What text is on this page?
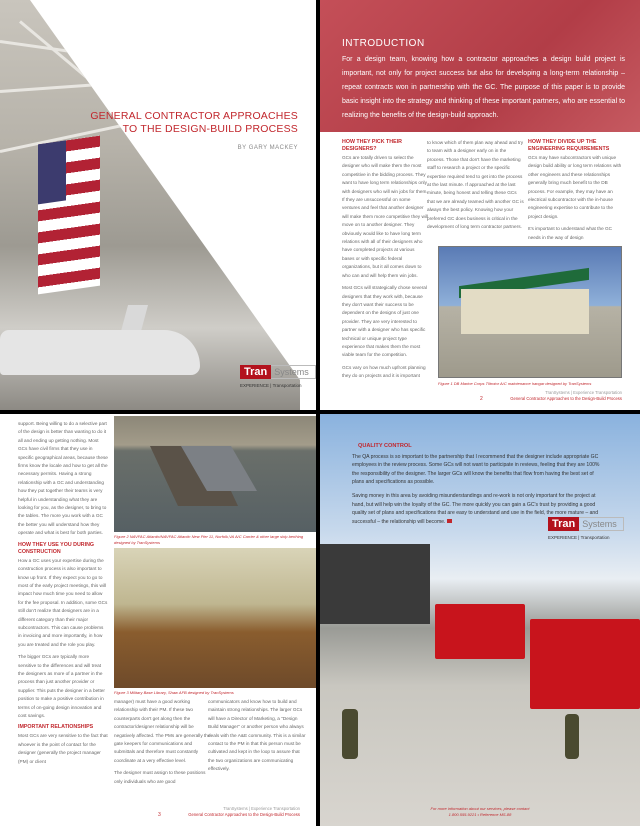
GENERAL CONTRACTOR APPROACHES
TO THE DESIGN-BUILD PROCESS
BY GARY MACKEY
Tran Systems
EXPERIENCE | Transportation
INTRODUCTION

For a design team, knowing how a contractor approaches a design build project is important, not only for project success but also for developing a long-term relationship – repeat contracts won in partnership with the GC. The purpose of this paper is to provide basic insight into the strategy and thinking of these important partners, who are essential to realizing the benefits of the design-build approach.

HOW THEY PICK THEIR DESIGNERS?

GCs are totally driven to select the designer who will make them the most competitive in the bidding process. They want to have long term relationships only with designers who will win jobs for them. If they are unsuccessful on some ventures and feel that another designer will make them more competitive they will move on to another designer. They obviously would like to have long term relations with all of their designers who have completed projects at various bases or with specific federal organizations, but it all comes down to who can and will help them win jobs.

Most GCs will strategically chose several designers that they work with, because they don't want their success to be dependent on the designs of just one provider. They are very interested to partner with a designer who has specific technical or unique project type experience that makes them the most viable team for the competition.

GCs vary on how much upfront planning they do on projects and it is important

to know which of them plan way ahead and try to team with a designer early on in the process. Those that don't have the marketing staff to research a project or the specific expertise required tend to get into the process at the last minute. If approached at the last minute, being honest and telling these GCs that we are already teamed with another GC is always the best policy. Knowing how your preferred GC does business is critical in the development of long term contractor partners.

HOW THEY DIVIDE UP THE ENGINEERING REQUIREMENTS

GCs may have subcontractors with unique design build ability or long term relations with other engineers and these relationships generally bring much benefit to the DB process. For example, they may have an electrical subcontractor with the in-house engineering expertise to contribute to the project design.

It's important to understand what the GC needs in the way of design

Figure 1 DB Marine Corps Tiltrotor A/C maintenance hangar designed by TranSystems
2
TranSystems | Experience Transportation
General Contractor Approaches to the Design-Build Process

support. Being willing to do a selective part of the design is better than wanting to do it all and ending up getting nothing. Most GCs have civil firms that they use in specific geographical areas, because these firms know the locale and how to get all the necessary permits. Having a strong relationship with a GC and understanding how they put together their teams is very helpful in understanding what they are looking for you, as the designer, to bring to the tables. The more you work with a GC the better you will understand how they operate and what is best for both parties.

HOW THEY USE YOU DURING CONSTRUCTION

How a GC uses your expertise during the construction process is also important to know up front. If they expect you to go to most of the early project meetings, this will impact how much time you need to allow for the fee proposal. In addition, some GCs still don't realize that designers are in a different category than their major subcontractors. This can cause problems in invoicing and more importantly, in how you are treated and the role you play.

The bigger GCs are typically more sensitive to the differences and will treat the designers as more of a partner in the process than just another provider or supplier. This puts the designer in a better position to make a positive contribution in terms of on-going design innovation and cost savings.

IMPORTANT RELATIONSHIPS

Most GCs are very sensitive to the fact that whoever is the point of contact for the designer (generally the project manager (PM) or client

Figure 2 NAVFAC Atlantic/NAVFAC Atlantic New Pier 11, Norfolk,VA A/C Carrier & other large ship berthing designed by TranSystems
Figure 3 Military Base Library, Shaw AFB designed by TranSystems

manager) must have a good working relationship with their PM. If these two counterparts don't get along then the contractor/designer relationship will be negatively affected. The PMs are generally the gate keepers for communications and submittals and therefore must constantly coordinate at a very effective level.

The designer must assign to these positions only individuals who are good

communicators and know how to build and maintain strong relationships. The larger GCs will have a Director of Marketing, a "Design Build Manager" or another person who always deals with the A&E community. This is a similar contact to the PM in that this person must be cultivated and kept in the loop to assure that the two organizations are communicating effectively.

3
TranSystems | Experience Transportation
General Contractor Approaches to the Design-Build Process
QUALITY CONTROL

The QA process is so important to the partnership that I recommend that the designer include appropriate GC employees in the review process. Some GCs will not want to participate in reviews, feeling that they are 100% the responsibility of the designer. The larger GCs will know the benefits that flow from having the best set of plans and specifications as possible.

Saving money in this area by avoiding misunderstandings and re-work is not only important for the project at hand, but will help win the loyalty of the GC. The more quickly you can gain a GC's trust by providing a good quality set of plans and specifications that are easy to understand and use in the field, the more mature – and successful – the relationship will become.	Tran Systems
EXPERIENCE | Transportation
For more information about our services, please contact
1.800.555.9221 • Reference MS-88
